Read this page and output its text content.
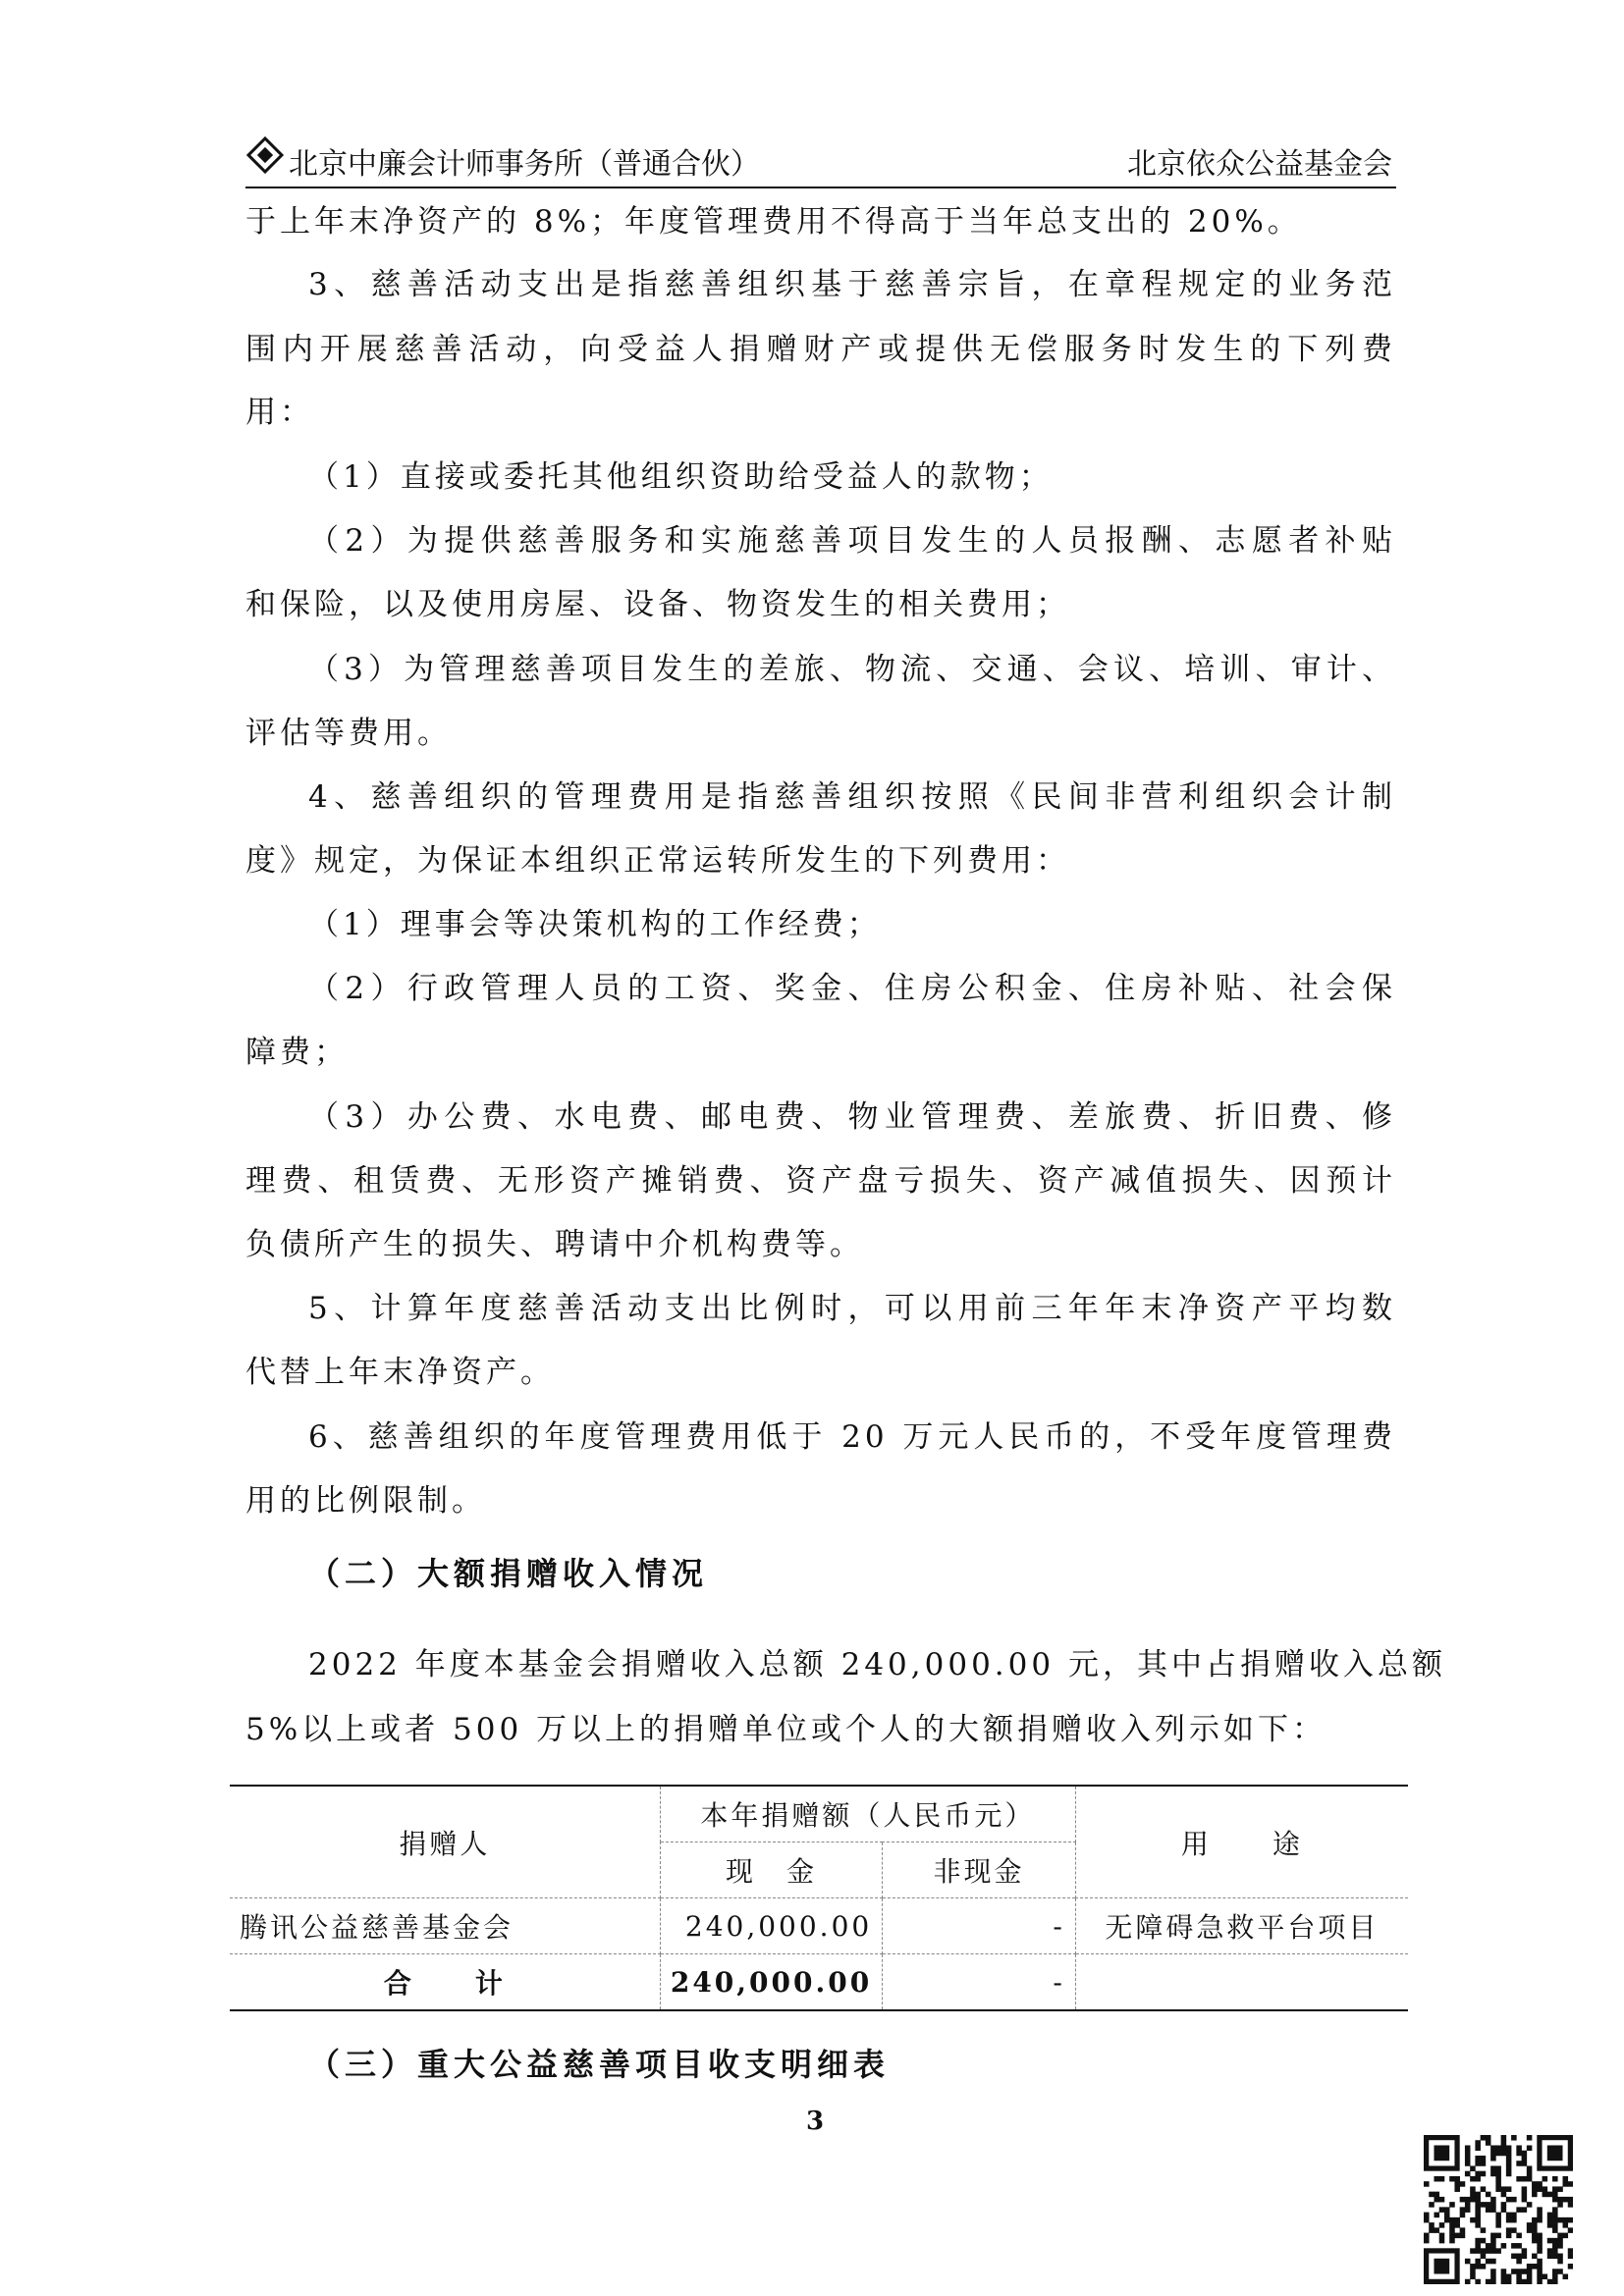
北京中廉会计师事务所（普通合伙）	北京依众公益基金会
于上年末净资产的 8%；年度管理费用不得高于当年总支出的 20%。
3、慈善活动支出是指慈善组织基于慈善宗旨，在章程规定的业务范
围内开展慈善活动，向受益人捐赠财产或提供无偿服务时发生的下列费
用：
（1）直接或委托其他组织资助给受益人的款物；
（2）为提供慈善服务和实施慈善项目发生的人员报酬、志愿者补贴
和保险，以及使用房屋、设备、物资发生的相关费用；
（3）为管理慈善项目发生的差旅、物流、交通、会议、培训、审计、
评估等费用。
4、慈善组织的管理费用是指慈善组织按照《民间非营利组织会计制
度》规定，为保证本组织正常运转所发生的下列费用：
（1）理事会等决策机构的工作经费；
（2）行政管理人员的工资、奖金、住房公积金、住房补贴、社会保
障费；
（3）办公费、水电费、邮电费、物业管理费、差旅费、折旧费、修
理费、租赁费、无形资产摊销费、资产盘亏损失、资产减值损失、因预计
负债所产生的损失、聘请中介机构费等。
5、计算年度慈善活动支出比例时，可以用前三年年末净资产平均数
代替上年末净资产。
6、慈善组织的年度管理费用低于 20 万元人民币的，不受年度管理费
用的比例限制。
（二）大额捐赠收入情况
2022 年度本基金会捐赠收入总额 240,000.00 元，其中占捐赠收入总额
5%以上或者 500 万以上的捐赠单位或个人的大额捐赠收入列示如下：
捐赠人	本年捐赠额（人民币元）		用　　途
	现　金	非现金	
腾讯公益慈善基金会	240,000.00	-	无障碍急救平台项目
合　　计	240,000.00	-	
（三）重大公益慈善项目收支明细表
3
